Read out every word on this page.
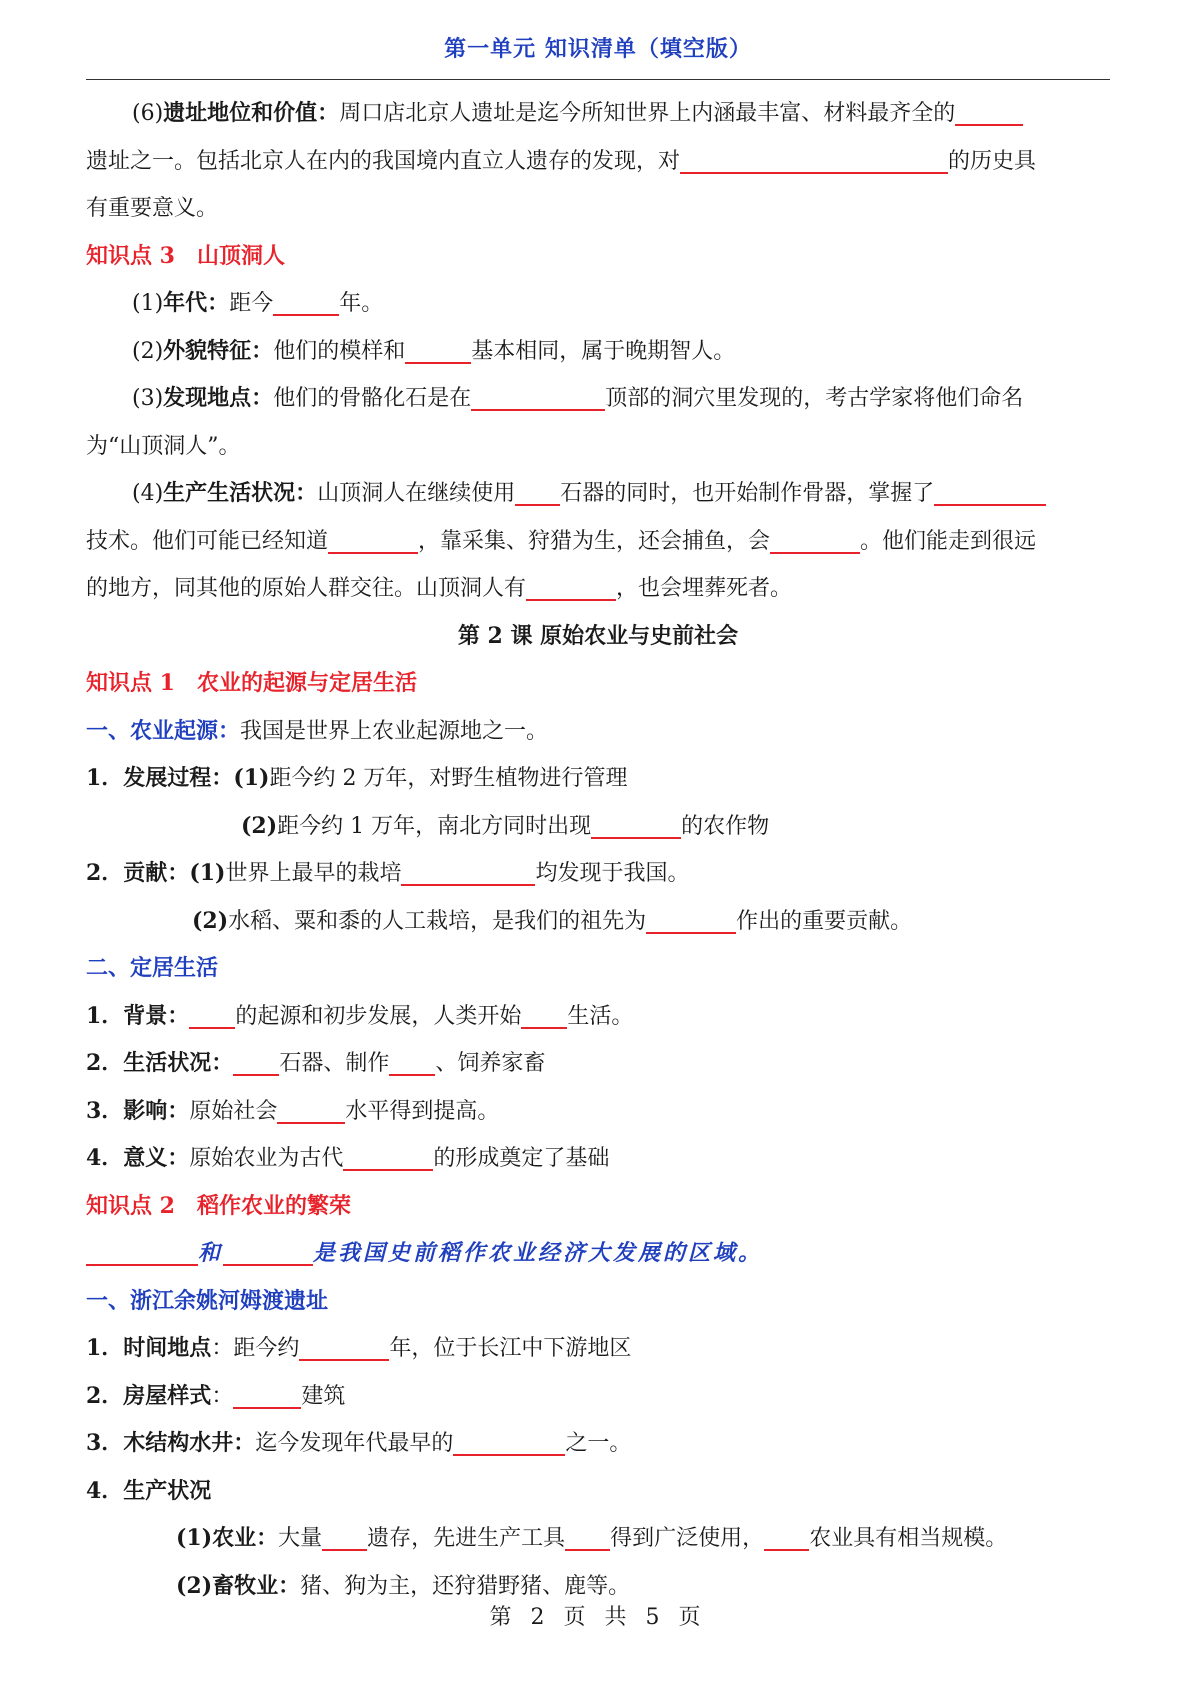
第一单元 知识清单（填空版）
(6)遗址地位和价值：周口店北京人遗址是迄今所知世界上内涵最丰富、材料最齐全的
遗址之一。包括北京人在内的我国境内直立人遗存的发现，对	的历史具
有重要意义。
知识点 3　山顶洞人
(1)年代：距今	年。
(2)外貌特征：他们的模样和	基本相同，属于晚期智人。
(3)发现地点：他们的骨骼化石是在	顶部的洞穴里发现的，考古学家将他们命名
为“山顶洞人”。
(4)生产生活状况：山顶洞人在继续使用 石器的同时，也开始制作骨器，掌握了
技术。他们可能已经知道	，靠采集、狩猎为生，还会捕鱼，会	。他们能走到很远
的地方，同其他的原始人群交往。山顶洞人有	，也会埋葬死者。
第 2 课 原始农业与史前社会
知识点 1　农业的起源与定居生活
一、农业起源：我国是世界上农业起源地之一。
1．发展过程：(1)距今约 2 万年，对野生植物进行管理
(2)距今约 1 万年，南北方同时出现	的农作物
2．贡献：(1)世界上最早的栽培	均发现于我国。
(2)水稻、粟和黍的人工栽培，是我们的祖先为	作出的重要贡献。
二、定居生活
1．背景： 的起源和初步发展，人类开始 生活。
2．生活状况： 石器、制作 、饲养家畜
3．影响：原始社会	水平得到提高。
4．意义：原始农业为古代	的形成奠定了基础
知识点 2　稻作农业的繁荣
和	是我国史前稻作农业经济大发展的区域。
一、浙江余姚河姆渡遗址
1．时间地点：距今约	年，位于长江中下游地区
2．房屋样式：	建筑
3．木结构水井：迄今发现年代最早的	之一。
4．生产状况
(1)农业：大量 遗存，先进生产工具 得到广泛使用， 农业具有相当规模。
(2)畜牧业：猪、狗为主，还狩猎野猪、鹿等。
第 2 页 共 5 页
